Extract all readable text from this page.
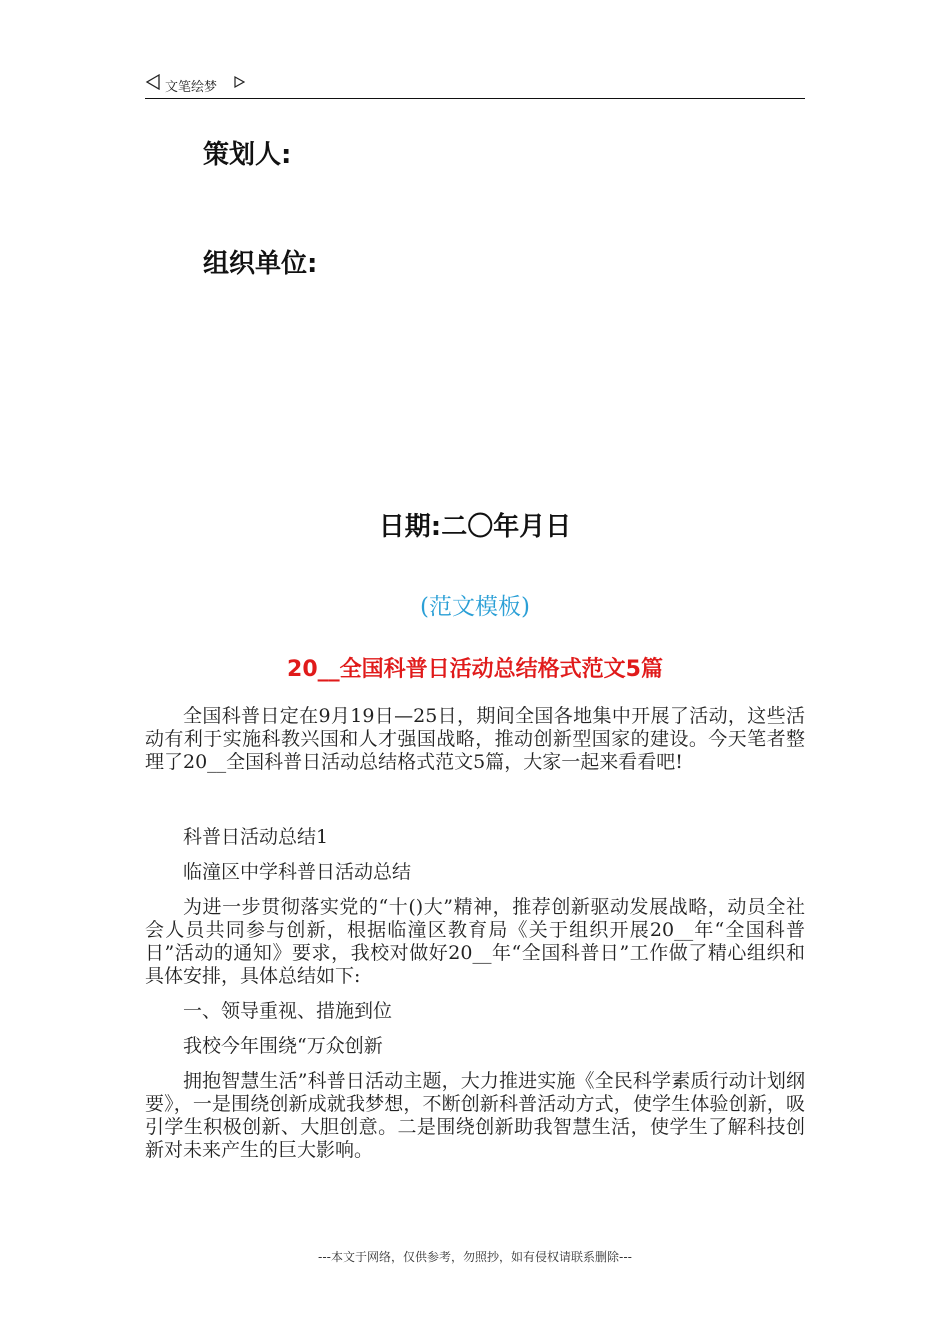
文笔绘梦
策划人:
组织单位:
日期:二〇年月日
(范文模板)
20__全国科普日活动总结格式范文5篇

全国科普日定在9月19日—25日，期间全国各地集中开展了活动，这些活动有利于实施科教兴国和人才强国战略，推动创新型国家的建设。今天笔者整理了20__全国科普日活动总结格式范文5篇，大家一起来看看吧!

科普日活动总结1

临潼区中学科普日活动总结

为进一步贯彻落实党的“十()大”精神，推荐创新驱动发展战略，动员全社会人员共同参与创新，根据临潼区教育局《关于组织开展20__年“全国科普日”活动的通知》要求，我校对做好20__年“全国科普日”工作做了精心组织和具体安排，具体总结如下:

一、领导重视、措施到位

我校今年围绕“万众创新

拥抱智慧生活”科普日活动主题，大力推进实施《全民科学素质行动计划纲要》，一是围绕创新成就我梦想，不断创新科普活动方式，使学生体验创新，吸引学生积极创新、大胆创意。二是围绕创新助我智慧生活，使学生了解科技创新对未来产生的巨大影响。

---本文于网络，仅供参考，勿照抄，如有侵权请联系删除---
